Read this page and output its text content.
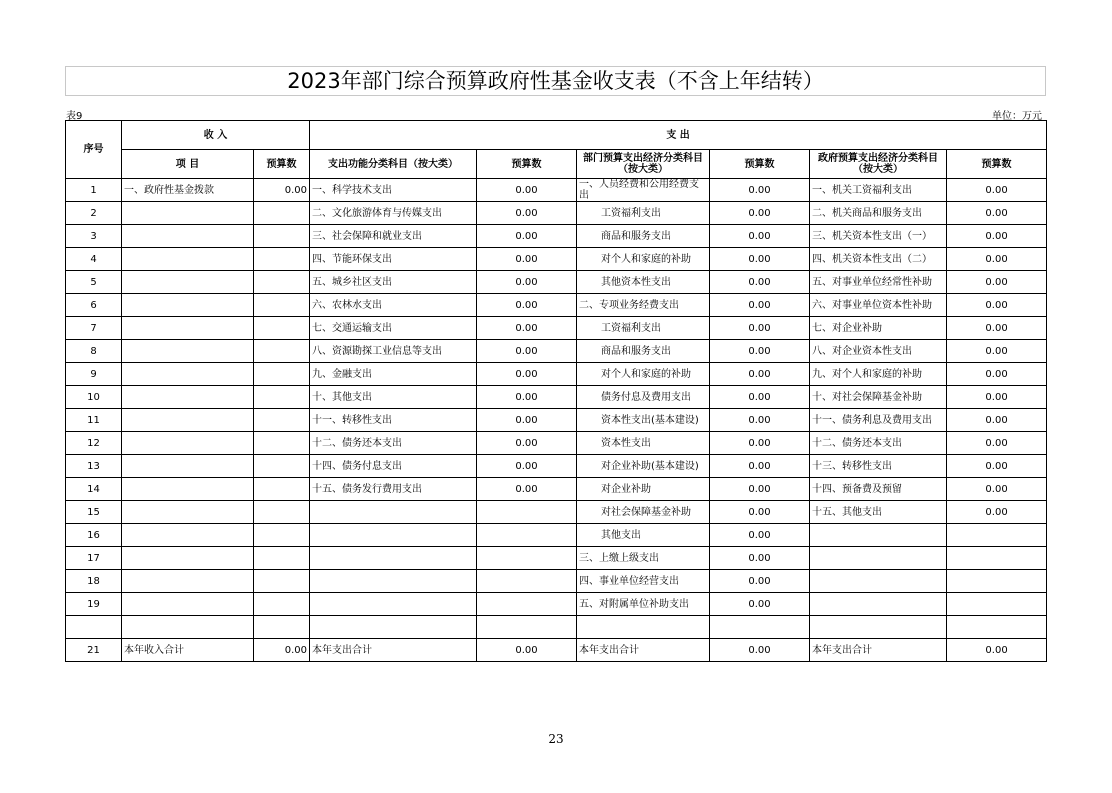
2023年部门综合预算政府性基金收支表（不含上年结转）
表9	单位：万元
序号	收 入		支 出					
	项 目	预算数	支出功能分类科目（按大类）	预算数	部门预算支出经济分类科目（按大类）	预算数	政府预算支出经济分类科目（按大类）	预算数
1	一、政府性基金拨款	0.00	一、科学技术支出	0.00	一、人员经费和公用经费支出	0.00	一、机关工资福利支出	0.00
2			二、文化旅游体育与传媒支出	0.00	工资福利支出	0.00	二、机关商品和服务支出	0.00
3			三、社会保障和就业支出	0.00	商品和服务支出	0.00	三、机关资本性支出（一）	0.00
4			四、节能环保支出	0.00	对个人和家庭的补助	0.00	四、机关资本性支出（二）	0.00
5			五、城乡社区支出	0.00	其他资本性支出	0.00	五、对事业单位经常性补助	0.00
6			六、农林水支出	0.00	二、专项业务经费支出	0.00	六、对事业单位资本性补助	0.00
7			七、交通运输支出	0.00	工资福利支出	0.00	七、对企业补助	0.00
8			八、资源勘探工业信息等支出	0.00	商品和服务支出	0.00	八、对企业资本性支出	0.00
9			九、金融支出	0.00	对个人和家庭的补助	0.00	九、对个人和家庭的补助	0.00
10			十、其他支出	0.00	债务付息及费用支出	0.00	十、对社会保障基金补助	0.00
11			十一、转移性支出	0.00	资本性支出(基本建设)	0.00	十一、债务利息及费用支出	0.00
12			十二、债务还本支出	0.00	资本性支出	0.00	十二、债务还本支出	0.00
13			十四、债务付息支出	0.00	对企业补助(基本建设)	0.00	十三、转移性支出	0.00
14			十五、债务发行费用支出	0.00	对企业补助	0.00	十四、预备费及预留	0.00
15					对社会保障基金补助	0.00	十五、其他支出	0.00
16					其他支出	0.00		
17					三、上缴上级支出	0.00		
18					四、事业单位经营支出	0.00		
19					五、对附属单位补助支出	0.00		

21	本年收入合计	0.00	本年支出合计	0.00	本年支出合计	0.00	本年支出合计	0.00
23
